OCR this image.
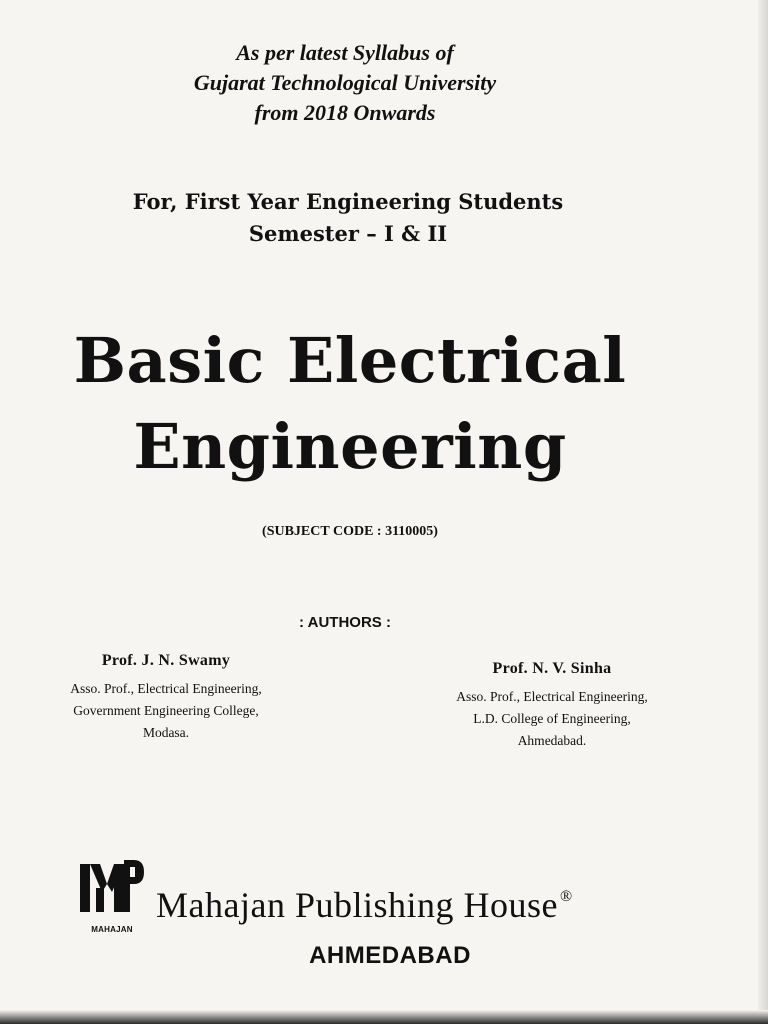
As per latest Syllabus of
Gujarat Technological University
from 2018 Onwards
For, First Year Engineering Students
Semester – I & II
Basic Electrical
Engineering
(SUBJECT CODE : 3110005)
: AUTHORS :
Prof. J. N. Swamy
Asso. Prof., Electrical Engineering,
Government Engineering College,
Modasa.
Prof. N. V. Sinha
Asso. Prof., Electrical Engineering,
L.D. College of Engineering,
Ahmedabad.
MAHAJAN
Mahajan Publishing House ®
AHMEDABAD
